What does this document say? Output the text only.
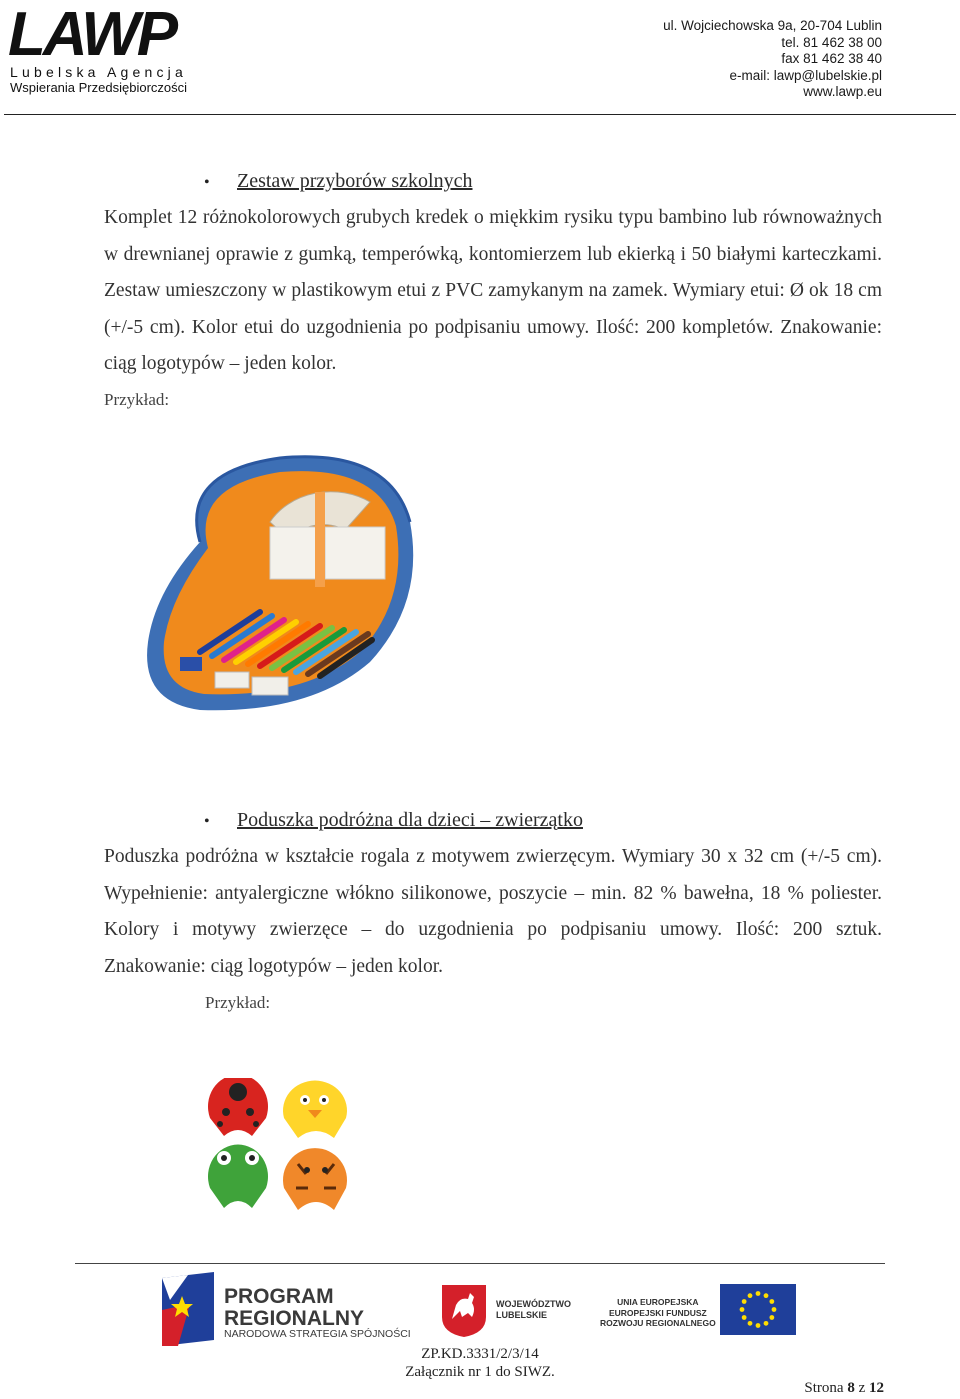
LAWP
Lubelska Agencja
Wspierania Przedsiębiorczości
ul. Wojciechowska 9a, 20-704 Lublin
tel. 81 462 38 00
fax 81 462 38 40
e-mail: lawp@lubelskie.pl
www.lawp.eu
• Zestaw przyborów szkolnych
Komplet 12 różnokolorowych grubych kredek o miękkim rysiku typu bambino lub równoważnych w drewnianej oprawie z gumką, temperówką, kontomierzem lub ekierką i 50 białymi karteczkami. Zestaw umieszczony w plastikowym etui z PVC zamykanym na zamek. Wymiary etui: Ø ok 18 cm (+/-5 cm). Kolor etui do uzgodnienia po podpisaniu umowy. Ilość: 200 kompletów. Znakowanie: ciąg logotypów – jeden kolor.
Przykład:
• Poduszka podróżna dla dzieci – zwierzątko
Poduszka podróżna w kształcie rogala z motywem zwierzęcym. Wymiary 30 x 32 cm (+/-5 cm). Wypełnienie: antyalergiczne włókno silikonowe, poszycie – min. 82 % bawełna, 18 % poliester. Kolory i motywy zwierzęce – do uzgodnienia po podpisaniu umowy. Ilość: 200 sztuk. Znakowanie: ciąg logotypów – jeden kolor.
Przykład:
PROGRAM
REGIONALNY
NARODOWA STRATEGIA SPÓJNOŚCI
WOJEWÓDZTWO
LUBELSKIE
UNIA EUROPEJSKA
EUROPEJSKI FUNDUSZ
ROZWOJU REGIONALNEGO
ZP.KD.3331/2/3/14
Załącznik nr 1 do SIWZ.
Strona 8 z 12
